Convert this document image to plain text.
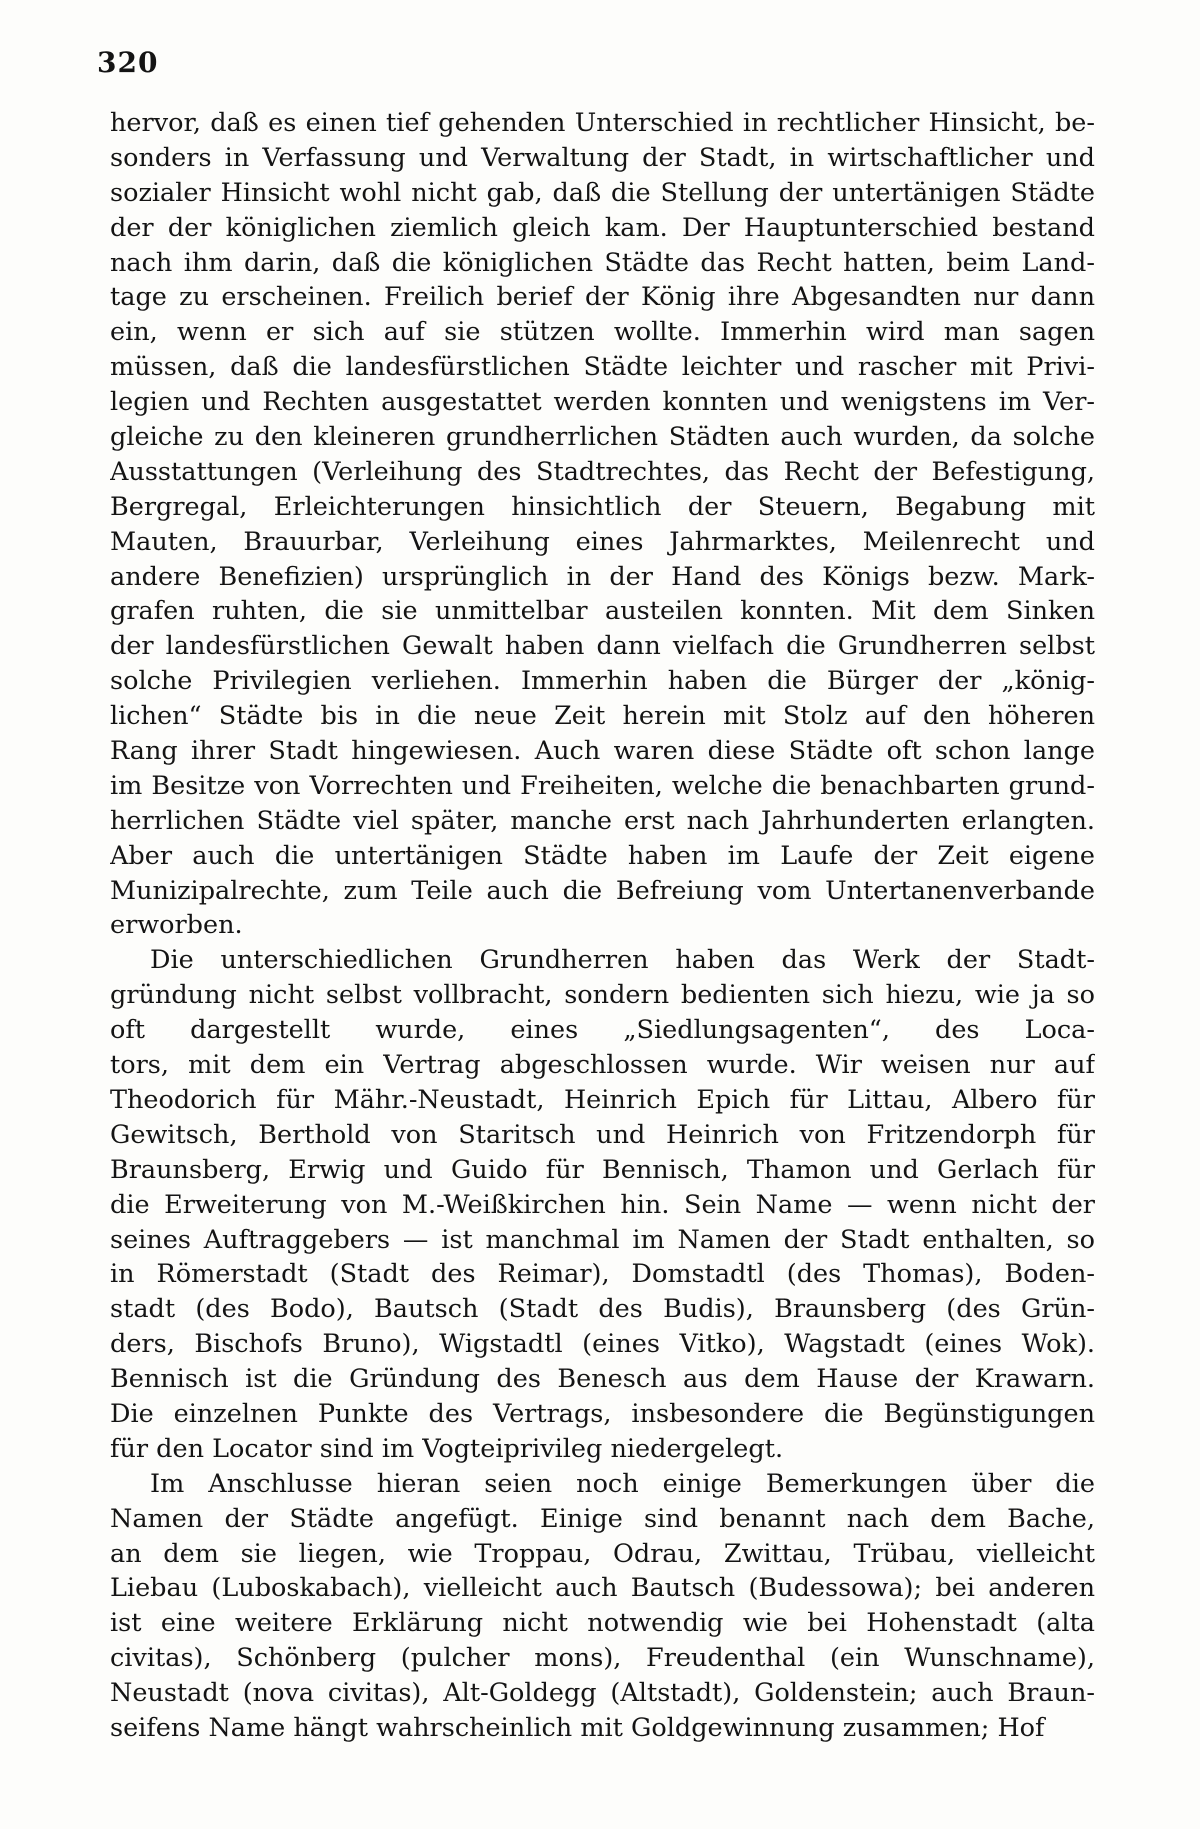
320
hervor, daß es einen tief gehenden Unterschied in rechtlicher Hinsicht, be-
sonders in Verfassung und Verwaltung der Stadt, in wirtschaftlicher und
sozialer Hinsicht wohl nicht gab, daß die Stellung der untertänigen Städte
der der königlichen ziemlich gleich kam. Der Hauptunterschied bestand
nach ihm darin, daß die königlichen Städte das Recht hatten, beim Land-
tage zu erscheinen. Freilich berief der König ihre Abgesandten nur dann
ein, wenn er sich auf sie stützen wollte. Immerhin wird man sagen
müssen, daß die landesfürstlichen Städte leichter und rascher mit Privi-
legien und Rechten ausgestattet werden konnten und wenigstens im Ver-
gleiche zu den kleineren grundherrlichen Städten auch wurden, da solche
Ausstattungen (Verleihung des Stadtrechtes, das Recht der Befestigung,
Bergregal, Erleichterungen hinsichtlich der Steuern, Begabung mit
Mauten, Brauurbar, Verleihung eines Jahrmarktes, Meilenrecht und
andere Benefizien) ursprünglich in der Hand des Königs bezw. Mark-
grafen ruhten, die sie unmittelbar austeilen konnten. Mit dem Sinken
der landesfürstlichen Gewalt haben dann vielfach die Grundherren selbst
solche Privilegien verliehen. Immerhin haben die Bürger der „könig-
lichen“ Städte bis in die neue Zeit herein mit Stolz auf den höheren
Rang ihrer Stadt hingewiesen. Auch waren diese Städte oft schon lange
im Besitze von Vorrechten und Freiheiten, welche die benachbarten grund-
herrlichen Städte viel später, manche erst nach Jahrhunderten erlangten.
Aber auch die untertänigen Städte haben im Laufe der Zeit eigene
Munizipalrechte, zum Teile auch die Befreiung vom Untertanenverbande
erworben.
Die unterschiedlichen Grundherren haben das Werk der Stadt-
gründung nicht selbst vollbracht, sondern bedienten sich hiezu, wie ja so
oft dargestellt wurde, eines „Siedlungsagenten“, des Loca-
tors, mit dem ein Vertrag abgeschlossen wurde. Wir weisen nur auf
Theodorich für Mähr.-Neustadt, Heinrich Epich für Littau, Albero für
Gewitsch, Berthold von Staritsch und Heinrich von Fritzendorph für
Braunsberg, Erwig und Guido für Bennisch, Thamon und Gerlach für
die Erweiterung von M.-Weißkirchen hin. Sein Name — wenn nicht der
seines Auftraggebers — ist manchmal im Namen der Stadt enthalten, so
in Römerstadt (Stadt des Reimar), Domstadtl (des Thomas), Boden-
stadt (des Bodo), Bautsch (Stadt des Budis), Braunsberg (des Grün-
ders, Bischofs Bruno), Wigstadtl (eines Vitko), Wagstadt (eines Wok).
Bennisch ist die Gründung des Benesch aus dem Hause der Krawarn.
Die einzelnen Punkte des Vertrags, insbesondere die Begünstigungen
für den Locator sind im Vogteiprivileg niedergelegt.
Im Anschlusse hieran seien noch einige Bemerkungen über die
Namen der Städte angefügt. Einige sind benannt nach dem Bache,
an dem sie liegen, wie Troppau, Odrau, Zwittau, Trübau, vielleicht
Liebau (Luboskabach), vielleicht auch Bautsch (Budessowa); bei anderen
ist eine weitere Erklärung nicht notwendig wie bei Hohenstadt (alta
civitas), Schönberg (pulcher mons), Freudenthal (ein Wunschname),
Neustadt (nova civitas), Alt-Goldegg (Altstadt), Goldenstein; auch Braun-
seifens Name hängt wahrscheinlich mit Goldgewinnung zusammen; Hof
